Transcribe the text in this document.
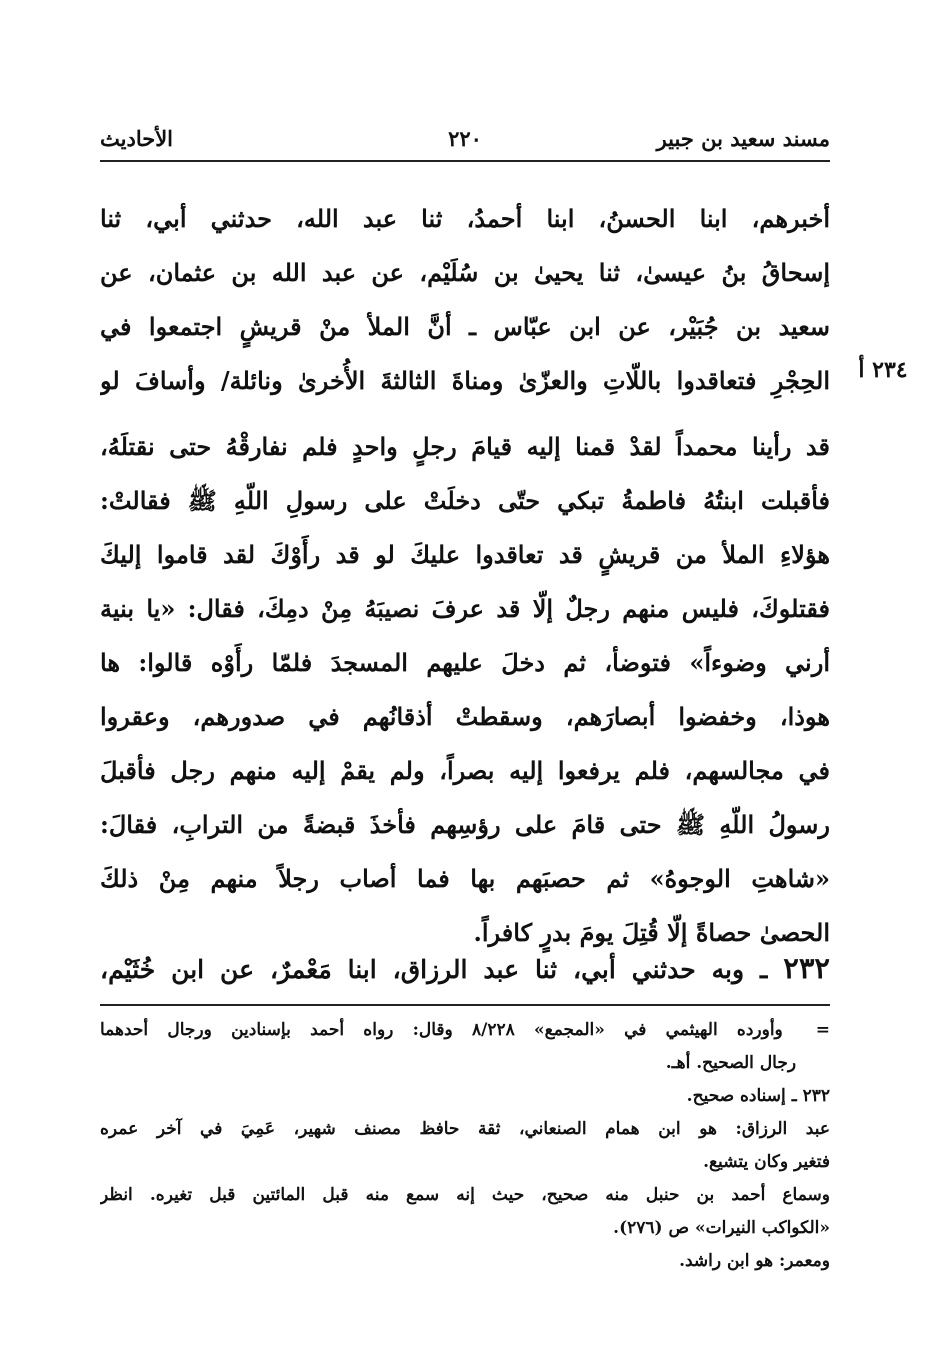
مسند سعيد بن جبير
٢٢٠
الأحاديث
٢٣٤ أ
أخبرهم، ابنا الحسنُ، ابنا أحمدُ، ثنا عبد الله، حدثني أبي، ثنا
إسحاقُ بنُ عيسىٰ، ثنا يحيىٰ بن سُلَيْم، عن عبد الله بن عثمان، عن
سعيد بن جُبَيْر، عن ابن عبّاس ـ أنَّ الملأ منْ قريشٍ اجتمعوا في
الحِجْرِ فتعاقدوا باللّاتِ والعزّىٰ ومناةَ الثالثةَ الأُخرىٰ ونائلة/ وأسافَ لو
قد رأينا محمداً لقدْ قمنا إليه قيامَ رجلٍ واحدٍ فلم نفارقْهُ حتى نقتلَهُ،
فأقبلت ابنتُهُ فاطمةُ تبكي حتّى دخلَتْ على رسولِ اللّهِ ﷺ فقالتْ:
هؤلاءِ الملأ من قريشٍ قد تعاقدوا عليكَ لو قد رأَوْكَ لقد قاموا إليكَ
فقتلوكَ، فليس منهم رجلٌ إلّا قد عرفَ نصيبَهُ مِنْ دمِكَ، فقال: «يا بنية
أرني وضوءاً» فتوضأ، ثم دخلَ عليهم المسجدَ فلمّا رأَوْه قالوا: ها
هوذا، وخفضوا أبصارَهم، وسقطتْ أذقانُهم في صدورهم، وعقروا
في مجالسهم، فلم يرفعوا إليه بصراً، ولم يقمْ إليه منهم رجل فأقبلَ
رسولُ اللّهِ ﷺ حتى قامَ على رؤسِهم فأخذَ قبضةً من الترابِ، فقالَ:
«شاهتِ الوجوهُ» ثم حصبَهم بها فما أصاب رجلاً منهم مِنْ ذلكَ
الحصىٰ حصاةً إلّا قُتِلَ يومَ بدرٍ كافراً.
٢٣٢ ـ وبه حدثني أبي، ثنا عبد الرزاق، ابنا مَعْمرٌ، عن ابن خُثَيْم،
= وأورده الهيثمي في «المجمع» ٨/٢٢٨ وقال: رواه أحمد بإسنادين ورجال أحدهما
رجال الصحيح. أهـ.
٢٣٢ ـ إسناده صحيح.
عبد الرزاق: هو ابن همام الصنعاني، ثقة حافظ مصنف شهير، عَمِيَ في آخر عمره
فتغير وكان يتشيع.
وسماع أحمد بن حنبل منه صحيح، حيث إنه سمع منه قبل المائتين قبل تغيره. انظر
«الكواكب النيرات» ص (٢٧٦).
ومعمر: هو ابن راشد.
